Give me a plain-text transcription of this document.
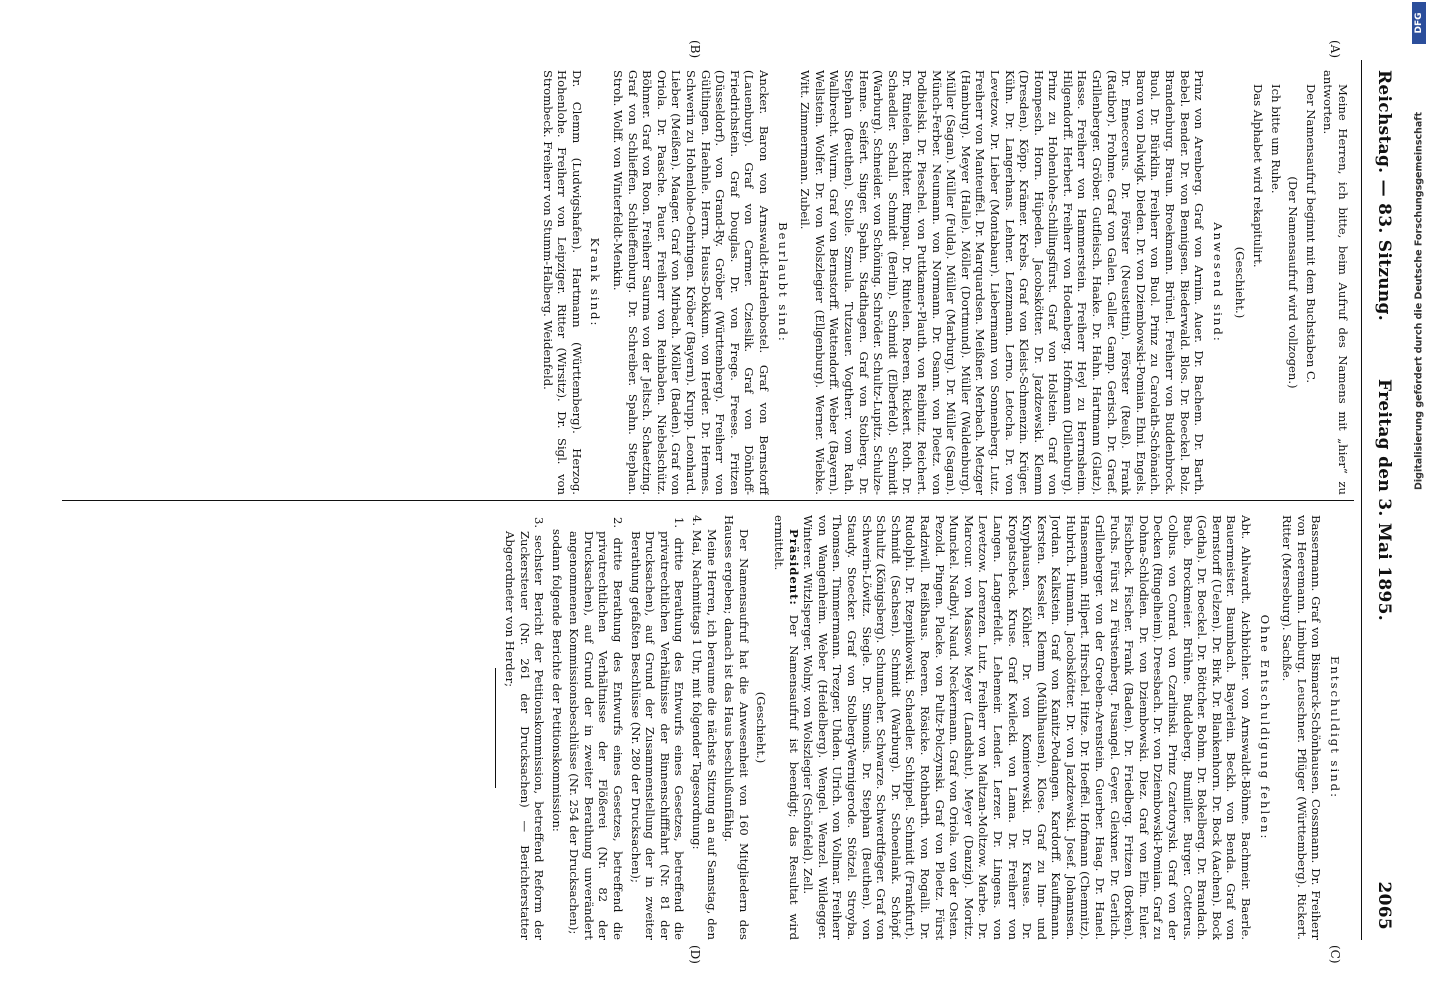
Reichstag. — 83. Sitzung.
Freitag den 3. Mai 1895.
2065
(A)
(B)
(C)
(D)

Meine Herren, ich bitte, beim Aufruf des Namens mit „hier“ zu antworten.

Der Namensaufruf beginnt mit dem Buchstaben C.

(Der Namensaufruf wird vollzogen.)

Ich bitte um Ruhe.

Das Alphabet wird rekapitulirt.

(Geschieht.)

Anwesend sind:

Prinz von Arenberg. Graf von Arnim. Auer. Dr. Bachem. Dr. Barth. Bebel. Bender. Dr. von Bennigsen. Biederwald. Blos. Dr. Boeckel. Bolz. Brandenburg. Braun. Broekmann. Brünel. Freiherr von Buddenbrock. Buol. Dr. Bürklin. Freiherr von Buol. Prinz zu Carolath-Schönaich. Baron von Dalwigk. Dieden. Dr. von Dziembowski-Pomian. Ehni. Engels. Dr. Enneccerus. Dr. Förster (Neustettin). Förster (Reuß). Frank (Ratibor). Frohme. Graf von Galen. Galler. Gamp. Gerisch. Dr. Graef. Grillenberger. Gröber. Gutfleisch. Haake. Dr. Hahn. Hartmann (Glatz). Hasse. Freiherr von Hammerstein. Freiherr Heyl zu Herrnsheim. Hilgendorff. Herbert. Freiherr von Hodenberg. Hofmann (Dillenburg). Prinz zu Hohenlohe-Schillingsfürst. Graf von Holstein. Graf von Hompesch. Horn. Hüpeden. Jacobskötter. Dr. Jazdzewski. Klemm (Dresden). Köpp. Krämer. Krebs. Graf von Kleist-Schmenzin. Krüger. Kühn. Dr. Langerhans. Lehner. Lenzmann. Lerno. Letocha. Dr. von Levetzow. Dr. Lieber (Montabaur). Liebermann von Sonnenberg. Lutz. Freiherr von Manteuffel. Dr. Marquardsen. Meißner. Merbach. Metzger (Hamburg). Meyer (Halle). Möller (Dortmund). Müller (Waldenburg). Müller (Sagan). Müller (Fulda). Müller (Marburg). Dr. Müller (Sagan). Münch-Ferber. Neumann. von Normann. Dr. Osann. von Ploetz. von Podbielski. Dr. Pieschel. von Puttkamer-Plauth. von Reibnitz. Reichert. Dr. Rintelen. Richter. Rimpau. Dr. Rintelen. Roeren. Rickert. Roth. Dr. Schaedler. Schall. Schmidt (Berlin). Schmidt (Elberfeld). Schmidt (Warburg). Schneider. von Schöning. Schröder. Schultz-Lupitz. Schulze-Henne. Seifert. Singer. Spahn. Stadthagen. Graf von Stolberg. Dr. Stephan (Beuthen). Stolle. Szmula. Tutzauer. Vogtherr. vom Rath. Wallbrecht. Wurm. Graf von Bernstorff. Wattendorff. Weber (Bayern). Wellstein. Wolfer. Dr. von Wolszlegier (Ellgenburg). Werner. Wiebke. Witt. Zimmermann. Zubeil.

Beurlaubt sind:

Ancker. Baron von Arnswaldt-Hardenbostel. Graf von Bernstorff (Lauenburg). Graf von Carmer. Czieslik. Graf von Dönhoff-Friedrichstein. Graf Douglas. Dr. von Frege. Freese. Fritzen (Düsseldorf). von Grand-Ry. Gröber (Württemberg). Freiherr von Gültlingen. Haehnle. Herrn. Hauss-Dokkum. von Herder. Dr. Hermes. Schwerin zu Hohenlohe-Oehringen. Kröber (Bayern). Krupp. Leonhard. Lieber (Meißen). Maager. Graf von Mirbach. Möller (Baden). Graf von Oriola. Dr. Paasche. Pauer. Freiherr von Reinbaben. Niebelschütz. Böhmer. Graf von Roon. Freiherr Saurma von der Jeltsch. Schaetzing. Graf von Schlieffen. Schlieffenburg. Dr. Schreiber. Spahn. Stephan. Stroh. Wolff. von Winterfeldt-Menkin.

Krank sind:

Dr. Clemm (Ludwigshafen). Hartmann (Württemberg). Herzog. Hohenlohe. Freiherr von Leipziger. Ritter (Wirsitz). Dr. Sigl. von Strombeck. Freiherr von Stumm-Halberg. Weidenfeld.

Entschuldigt sind:

Bassermann. Graf von Bismarck-Schönhausen. Cossmann. Dr. Freiherr von Heeremann. Limburg. Leuschner. Pflüger (Württemberg). Rickert. Ritter (Merseburg). Sachße.

Ohne Entschuldigung fehlen:

Abt. Ahlwardt. Aichbichler. von Arnswaldt-Böhme. Bachmeir. Baerle. Bauermeister. Baumbach. Bayerlein. Beckh. von Benda. Graf von Bernstorff (Uelzen). Dr. Birk. Dr. Blankenhorn. Dr. Bock (Aachen). Bock (Gotha). Dr. Boeckel. Dr. Böttcher. Bohm. Dr. Bokelberg. Dr. Brandach. Bueb. Brockmeier. Brühne. Buddeberg. Bumiller. Burger. Cotterus. Colbus. von Conrad. von Czarlinski. Prinz Czartoryski. Graf von der Decken (Ringelheim). Dreesbach. Dr. von Dziembowski-Pomian. Graf zu Dohna-Schlodien. Dr. von Dziembowski. Diez. Graf von Elm. Euler. Fischbeck. Fischer. Frank (Baden). Dr. Friedberg. Fritzen (Borken). Fuchs. Fürst zu Fürstenberg. Fusangel. Geyer. Gleixner. Dr. Gerlich. Grillenberger. von der Groeben-Arenstein. Guerber. Haag. Dr. Hanel. Hansemann. Hilpert. Hirschel. Hitze. Dr. Hoeffel. Hofmann (Chemnitz). Hubrich. Humann. Jacobskötter. Dr. von Jazdzewski. Josef. Johannsen. Jordan. Kalkstein. Graf von Kanitz-Podangen. Kardorff. Kauffmann. Kersten. Kessler. Klemm (Mühlhausen). Klose. Graf zu Inn- und Knyphausen. Köhler. Dr. von Komierowski. Dr. Krause. Dr. Kropatscheck. Kruse. Graf Kwilecki. von Lama. Dr. Freiherr von Langen. Langerfeldt. Lehemeir. Lender. Lerzer. Dr. Lingens. von Levetzow. Lorenzen. Lutz. Freiherr von Maltzan-Moltzow. Marbe. Dr. Marcour. von Massow. Meyer (Landshut). Meyer (Danzig). Moritz. Munckel. Nadbyl. Naud. Neckermann. Graf von Oriola. von der Osten. Pezold. Pingen. Placke. von Pultz-Polczynski. Graf von Ploetz. Fürst Radziwill. Reißhaus. Roeren. Rösicke. Rothbarth. von Rogalli. Dr. Rudolphi. Dr. Rzepnikowski. Schaedler. Schippel. Schmidt (Frankfurt). Schmidt (Sachsen). Schmidt (Warburg). Dr. Schoenlank. Schöpf. Schultz (Königsberg). Schumacher. Schwarze. Schwerdtfeger. Graf von Schwerin-Löwitz. Siegle. Dr. Simonis. Dr. Stephan (Beuthen). von Staudy. Stoecker. Graf von Stolberg-Wernigerode. Stötzel. Stroyba. Thomsen. Timmermann. Trezger. Uhden. Ulrich. von Vollmar. Freiherr von Wangenheim. Weber (Heidelberg). Wengel. Wenzel. Wildegger. Winterer. Witzlsperger. Wolny. von Wolszlegier (Schönfeld). Zell.

Präsident: Der Namensaufruf ist beendigt; das Resultat wird ermittelt.

(Geschieht.)

Der Namensaufruf hat die Anwesenheit von 160 Mitgliedern des Hauses ergeben; danach ist das Haus beschlußunfähig.

Meine Herren, ich beraume die nächste Sitzung an auf Samstag, den 4. Mai, Nachmittags 1 Uhr, mit folgender Tagesordnung:

1. dritte Berathung des Entwurfs eines Gesetzes, betreffend die privatrechtlichen Verhältnisse der Binnenschifffahrt (Nr. 81 der Drucksachen), auf Grund der Zusammenstellung der in zweiter Berathung gefaßten Beschlüsse (Nr. 280 der Drucksachen);

2. dritte Berathung des Entwurfs eines Gesetzes, betreffend die privatrechtlichen Verhältnisse der Flößerei (Nr. 82 der Drucksachen), auf Grund der in zweiter Berathung unverändert angenommenen Kommissionsbeschlüsse (Nr. 254 der Drucksachen);

sodann folgende Berichte der Petitionskommission:

3. sechster Bericht der Petitionskommission, betreffend Reform der Zuckersteuer (Nr. 261 der Drucksachen) — Berichterstatter Abgeordneter von Herder;

Digitalisierung gefördert durch die Deutsche Forschungsgemeinschaft
DFG
